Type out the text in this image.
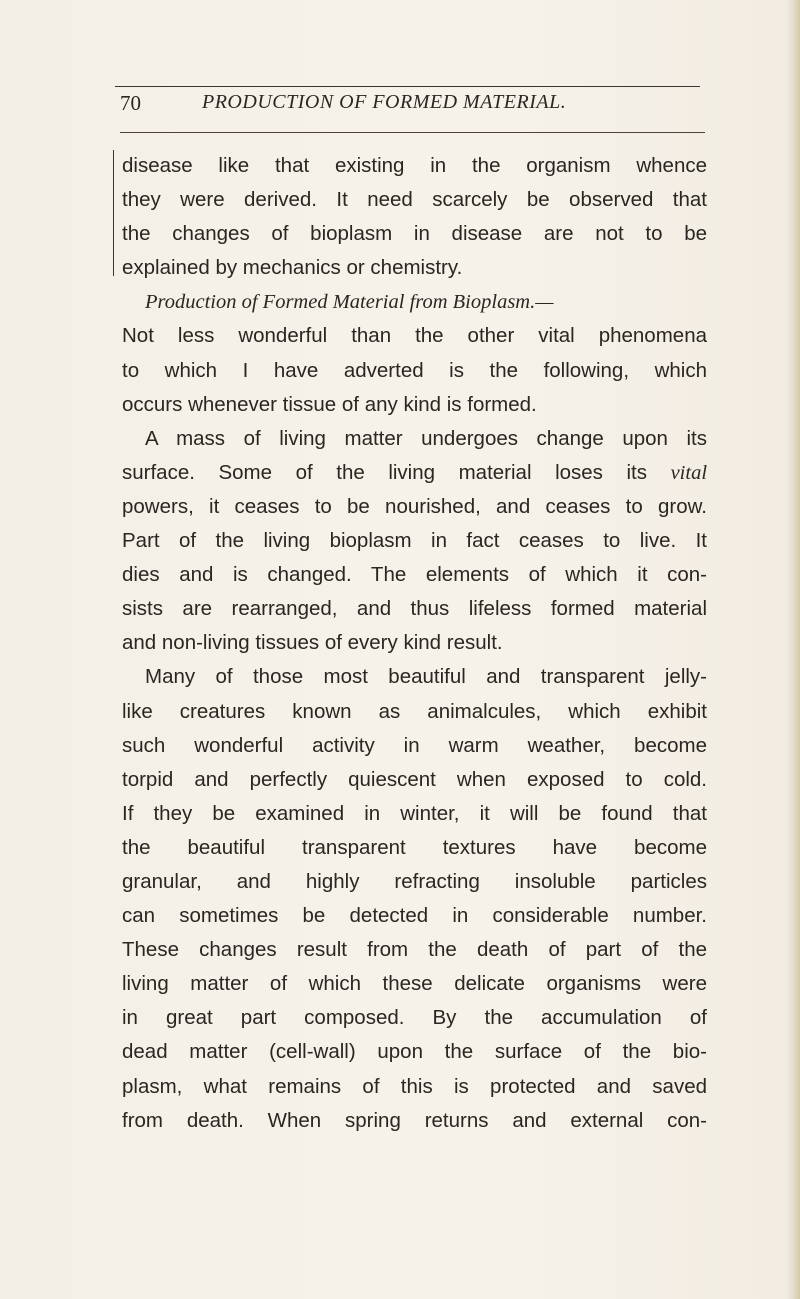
70	PRODUCTION OF FORMED MATERIAL.
disease like that existing in the organism whence
they were derived. It need scarcely be observed that
the changes of bioplasm in disease are not to be
explained by mechanics or chemistry.
Production of Formed Material from Bioplasm.—
Not less wonderful than the other vital phenomena
to which I have adverted is the following, which
occurs whenever tissue of any kind is formed.
A mass of living matter undergoes change upon its
surface. Some of the living material loses its vital
powers, it ceases to be nourished, and ceases to grow.
Part of the living bioplasm in fact ceases to live. It
dies and is changed. The elements of which it con-
sists are rearranged, and thus lifeless formed material
and non-living tissues of every kind result.
Many of those most beautiful and transparent jelly-
like creatures known as animalcules, which exhibit
such wonderful activity in warm weather, become
torpid and perfectly quiescent when exposed to cold.
If they be examined in winter, it will be found that
the beautiful transparent textures have become
granular, and highly refracting insoluble particles
can sometimes be detected in considerable number.
These changes result from the death of part of the
living matter of which these delicate organisms were
in great part composed. By the accumulation of
dead matter (cell-wall) upon the surface of the bio-
plasm, what remains of this is protected and saved
from death. When spring returns and external con-
